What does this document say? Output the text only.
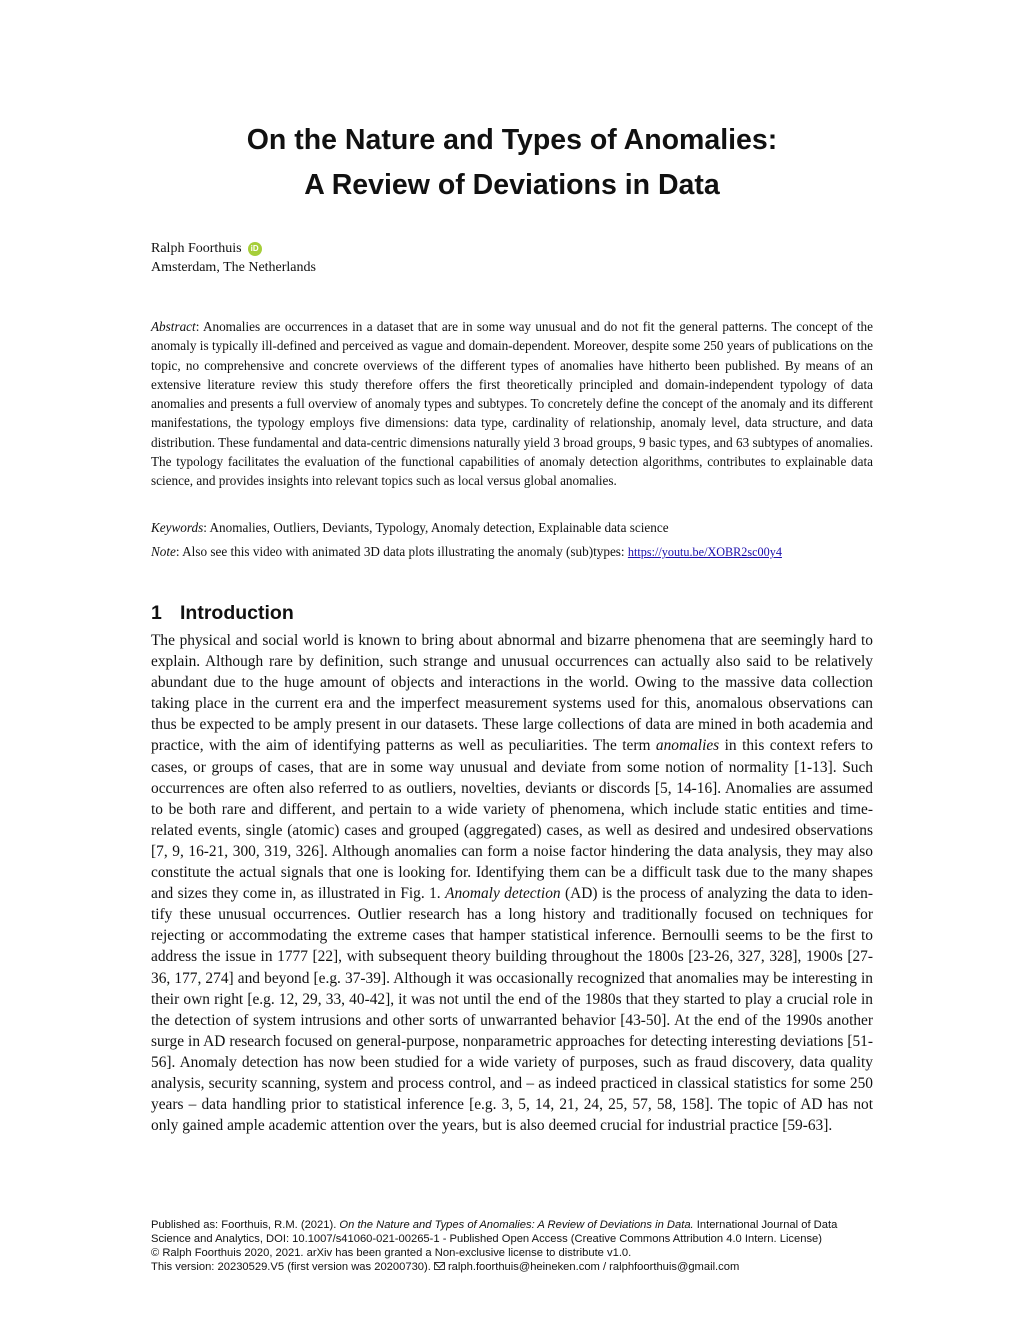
On the Nature and Types of Anomalies:
A Review of Deviations in Data
Ralph Foorthuis iD
Amsterdam, The Netherlands

Abstract: Anomalies are occurrences in a dataset that are in some way unusual and do not fit the general patterns. The concept of the anomaly is typically ill-defined and perceived as vague and domain-dependent. Moreover, despite some 250 years of publications on the topic, no comprehensive and concrete overviews of the different types of anomalies have hitherto been published. By means of an extensive literature review this study therefore offers the first theoretically principled and domain-independent typology of data anomalies and presents a full overview of anomaly types and subtypes. To concretely define the concept of the anomaly and its different manifestations, the typology employs five dimensions: data type, cardinality of relationship, anomaly level, data structure, and data distribution. These fundamental and data-centric dimensions naturally yield 3 broad groups, 9 basic types, and 63 subtypes of anomalies. The typology facilitates the evaluation of the functional capabilities of anomaly detection algorithms, contributes to explainable data science, and provides insights into relevant topics such as local versus global anomalies.

Keywords: Anomalies, Outliers, Deviants, Typology, Anomaly detection, Explainable data science
Note: Also see this video with animated 3D data plots illustrating the anomaly (sub)types: https://youtu.be/XOBR2sc00y4
1 Introduction

The physical and social world is known to bring about abnormal and bizarre phenomena that are seemingly hard to explain. Although rare by definition, such strange and unusual occurrences can actually also said to be relatively abundant due to the huge amount of objects and interactions in the world. Owing to the massive data collection taking place in the current era and the imperfect measurement systems used for this, anomalous observations can thus be expected to be amply present in our datasets. These large collections of data are mined in both academia and practice, with the aim of identifying patterns as well as peculiarities. The term anomalies in this context refers to cases, or groups of cases, that are in some way unusual and deviate from some notion of normality [1-13]. Such occurrences are often also referred to as outliers, novelties, deviants or discords [5, 14-16]. Anomalies are assumed to be both rare and different, and pertain to a wide variety of phenomena, which include static entities and time-related events, single (atomic) cases and grouped (aggregated) cases, as well as desired and undesired observations [7, 9, 16-21, 300, 319, 326]. Although anomalies can form a noise factor hindering the data analysis, they may also constitute the actual signals that one is looking for. Identifying them can be a difficult task due to the many shapes and sizes they come in, as illustrated in Fig. 1. Anomaly detection (AD) is the process of analyzing the data to identify these unusual occurrences. Outlier research has a long history and traditionally focused on techniques for rejecting or accommodating the extreme cases that hamper statistical inference. Bernoulli seems to be the first to address the issue in 1777 [22], with subsequent theory building throughout the 1800s [23-26, 327, 328], 1900s [27-36, 177, 274] and beyond [e.g. 37-39]. Although it was occasionally recognized that anomalies may be interesting in their own right [e.g. 12, 29, 33, 40-42], it was not until the end of the 1980s that they started to play a crucial role in the detection of system intrusions and other sorts of unwarranted behavior [43-50]. At the end of the 1990s another surge in AD research focused on general-purpose, nonparametric approaches for detecting interesting deviations [51-56]. Anomaly detection has now been studied for a wide variety of purposes, such as fraud discovery, data quality analysis, security scanning, system and process control, and – as indeed practiced in classical statistics for some 250 years – data handling prior to statistical inference [e.g. 3, 5, 14, 21, 24, 25, 57, 58, 158]. The topic of AD has not only gained ample academic attention over the years, but is also deemed crucial for industrial practice [59-63].

Published as: Foorthuis, R.M. (2021). On the Nature and Types of Anomalies: A Review of Deviations in Data. International Journal of Data
Science and Analytics, DOI: 10.1007/s41060-021-00265-1 - Published Open Access (Creative Commons Attribution 4.0 Intern. License)
© Ralph Foorthuis 2020, 2021. arXiv has been granted a Non-exclusive license to distribute v1.0.
This version: 20230529.V5 (first version was 20200730). ralph.foorthuis@heineken.com / ralphfoorthuis@gmail.com
